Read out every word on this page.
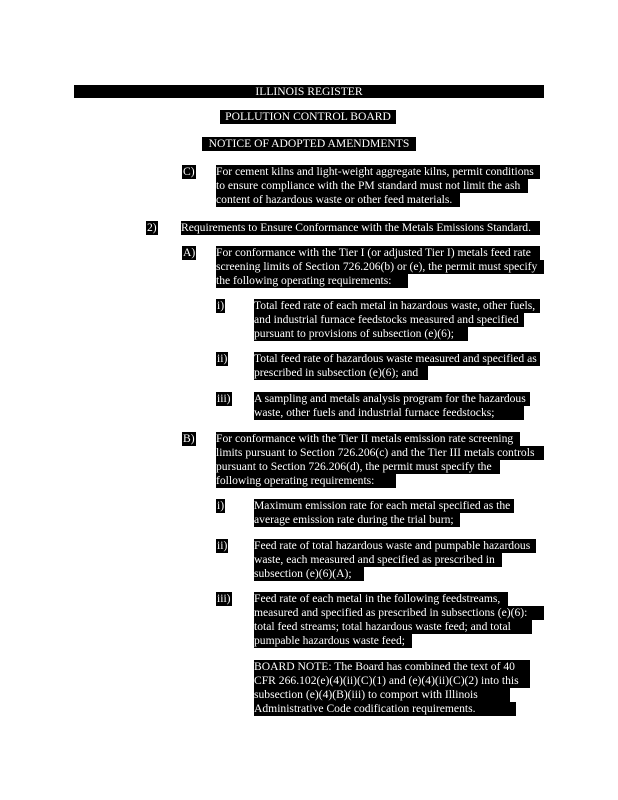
ILLINOIS REGISTER
POLLUTION CONTROL BOARD
NOTICE OF ADOPTED AMENDMENTS
C) For cement kilns and light-weight aggregate kilns, permit conditions
to ensure compliance with the PM standard must not limit the ash
content of hazardous waste or other feed materials.
2) Requirements to Ensure Conformance with the Metals Emissions Standard.
A) For conformance with the Tier I (or adjusted Tier I) metals feed rate
screening limits of Section 726.206(b) or (e), the permit must specify
the following operating requirements:
i)	Total feed rate of each metal in hazardous waste, other fuels,
and industrial furnace feedstocks measured and specified
pursuant to provisions of subsection (e)(6);
ii) Total feed rate of hazardous waste measured and specified as
prescribed in subsection (e)(6); and
iii) A sampling and metals analysis program for the hazardous
waste, other fuels and industrial furnace feedstocks;
B) For conformance with the Tier II metals emission rate screening
limits pursuant to Section 726.206(c) and the Tier III metals controls
pursuant to Section 726.206(d), the permit must specify the
following operating requirements:
i)	Maximum emission rate for each metal specified as the
average emission rate during the trial burn;
ii) Feed rate of total hazardous waste and pumpable hazardous
waste, each measured and specified as prescribed in
subsection (e)(6)(A);
iii) Feed rate of each metal in the following feedstreams,
measured and specified as prescribed in subsections (e)(6):
total feed streams; total hazardous waste feed; and total
pumpable hazardous waste feed;
BOARD NOTE: The Board has combined the text of 40
CFR 266.102(e)(4)(ii)(C)(1) and (e)(4)(ii)(C)(2) into this
subsection (e)(4)(B)(iii) to comport with Illinois
Administrative Code codification requirements.
